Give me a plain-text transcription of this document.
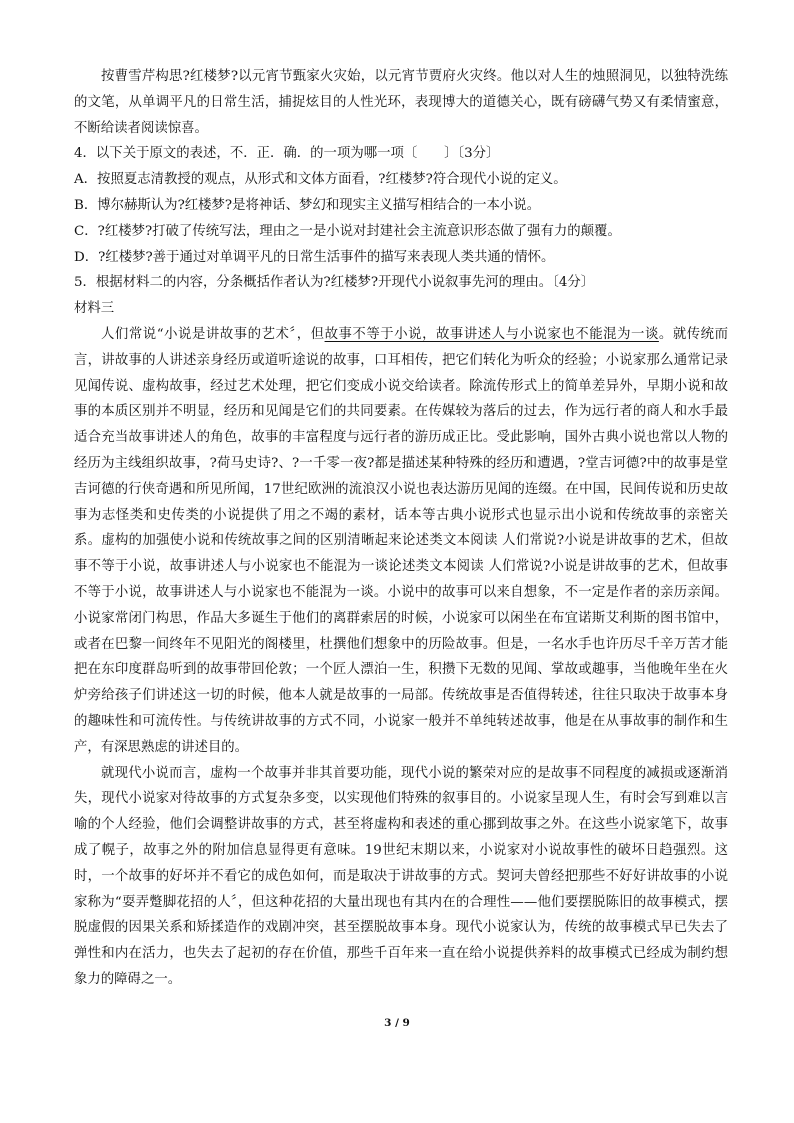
按曹雪芹构思?红楼梦?以元宵节甄家火灾始，以元宵节贾府火灾终。他以对人生的烛照洞见，以独特洗练的文笔，从单调平凡的日常生活，捕捉炫目的人性光环，表现博大的道德关心，既有磅礴气势又有柔情蜜意，不断给读者阅读惊喜。

4．以下关于原文的表述，不．正．确．的一项为哪一项〔　　〕〔3分〕

A．按照夏志清教授的观点，从形式和文体方面看，?红楼梦?符合现代小说的定义。

B．博尔赫斯认为?红楼梦?是将神话、梦幻和现实主义描写相结合的一本小说。

C．?红楼梦?打破了传统写法，理由之一是小说对封建社会主流意识形态做了强有力的颠覆。

D．?红楼梦?善于通过对单调平凡的日常生活事件的描写来表现人类共通的情怀。

5．根据材料二的内容，分条概括作者认为?红楼梦?开现代小说叙事先河的理由。〔4分〕

材料三

人们常说“小说是讲故事的艺术〞，但故事不等于小说，故事讲述人与小说家也不能混为一谈。就传统而言，讲故事的人讲述亲身经历或道听途说的故事，口耳相传，把它们转化为听众的经验；小说家那么通常记录见闻传说、虚构故事，经过艺术处理，把它们变成小说交给读者。除流传形式上的简单差异外，早期小说和故事的本质区别并不明显，经历和见闻是它们的共同要素。在传媒较为落后的过去，作为远行者的商人和水手最适合充当故事讲述人的角色，故事的丰富程度与远行者的游历成正比。受此影响，国外古典小说也常以人物的经历为主线组织故事，?荷马史诗?、?一千零一夜?都是描述某种特殊的经历和遭遇，?堂吉诃德?中的故事是堂吉诃德的行侠奇遇和所见所闻，17世纪欧洲的流浪汉小说也表达游历见闻的连缀。在中国，民间传说和历史故事为志怪类和史传类的小说提供了用之不竭的素材，话本等古典小说形式也显示出小说和传统故事的亲密关系。虚构的加强使小说和传统故事之间的区别清晰起来论述类文本阅读 人们常说?小说是讲故事的艺术，但故事不等于小说，故事讲述人与小说家也不能混为一谈论述类文本阅读 人们常说?小说是讲故事的艺术，但故事不等于小说，故事讲述人与小说家也不能混为一谈。小说中的故事可以来自想象，不一定是作者的亲历亲闻。小说家常闭门构思，作品大多诞生于他们的离群索居的时候，小说家可以闲坐在布宜诺斯艾利斯的图书馆中，或者在巴黎一间终年不见阳光的阁楼里，杜撰他们想象中的历险故事。但是，一名水手也许历尽千辛万苦才能把在东印度群岛听到的故事带回伦敦；一个匠人漂泊一生，积攒下无数的见闻、掌故或趣事，当他晚年坐在火炉旁给孩子们讲述这一切的时候，他本人就是故事的一局部。传统故事是否值得转述，往往只取决于故事本身的趣味性和可流传性。与传统讲故事的方式不同，小说家一般并不单纯转述故事，他是在从事故事的制作和生产，有深思熟虑的讲述目的。

就现代小说而言，虚构一个故事并非其首要功能，现代小说的繁荣对应的是故事不同程度的减损或逐渐消失，现代小说家对待故事的方式复杂多变，以实现他们特殊的叙事目的。小说家呈现人生，有时会写到难以言喻的个人经验，他们会调整讲故事的方式，甚至将虚构和表述的重心挪到故事之外。在这些小说家笔下，故事成了幌子，故事之外的附加信息显得更有意味。19世纪末期以来，小说家对小说故事性的破坏日趋强烈。这时，一个故事的好坏并不看它的成色如何，而是取决于讲故事的方式。契诃夫曾经把那些不好好讲故事的小说家称为“耍弄蹩脚花招的人〞，但这种花招的大量出现也有其内在的合理性——他们要摆脱陈旧的故事模式，摆脱虚假的因果关系和矫揉造作的戏剧冲突，甚至摆脱故事本身。现代小说家认为，传统的故事模式早已失去了弹性和内在活力，也失去了起初的存在价值，那些千百年来一直在给小说提供养料的故事模式已经成为制约想象力的障碍之一。

3 / 9
